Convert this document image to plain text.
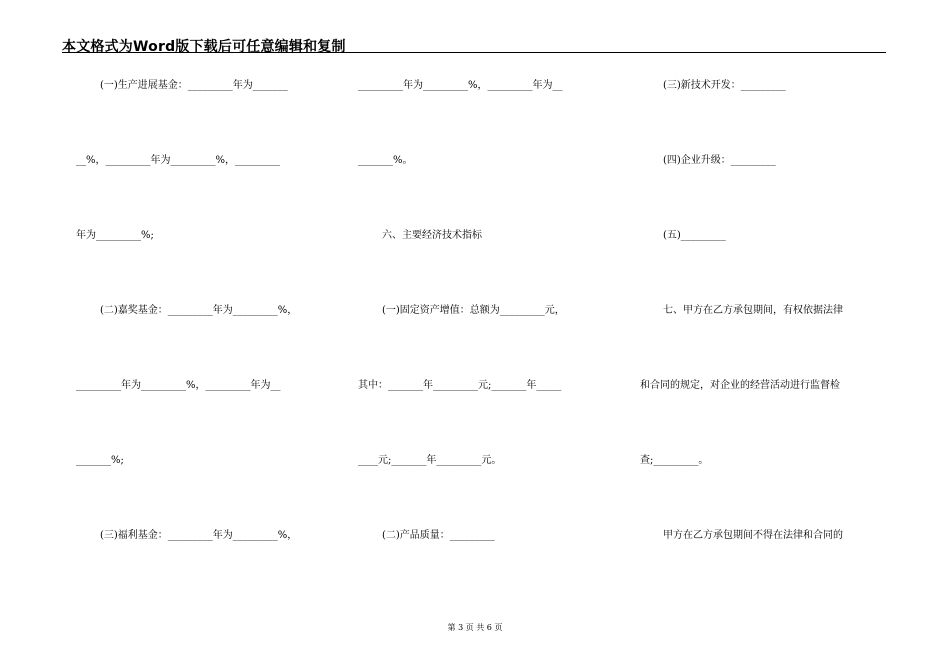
本文格式为Word版下载后可任意编辑和复制
(一)生产进展基金：_________年为_______
__%，_________年为_________%，_________
年为_________%;
(二)嘉奖基金：_________年为_________%，
_________年为_________%，_________年为__
_______%;
(三)福利基金：_________年为_________%，
_________年为_________%，_________年为__
_______%。
六、主要经济技术指标
(一)固定资产增值：总额为_________元，
其中：_______年_________元;_______年_____
____元;_______年_________元。
(二)产品质量：_________
(三)新技术开发：_________
(四)企业升级：_________
(五)_________
七、甲方在乙方承包期间，有权依据法律
和合同的规定，对企业的经营活动进行监督检
查;_________。
甲方在乙方承包期间不得在法律和合同的
第 3 页 共 6 页
